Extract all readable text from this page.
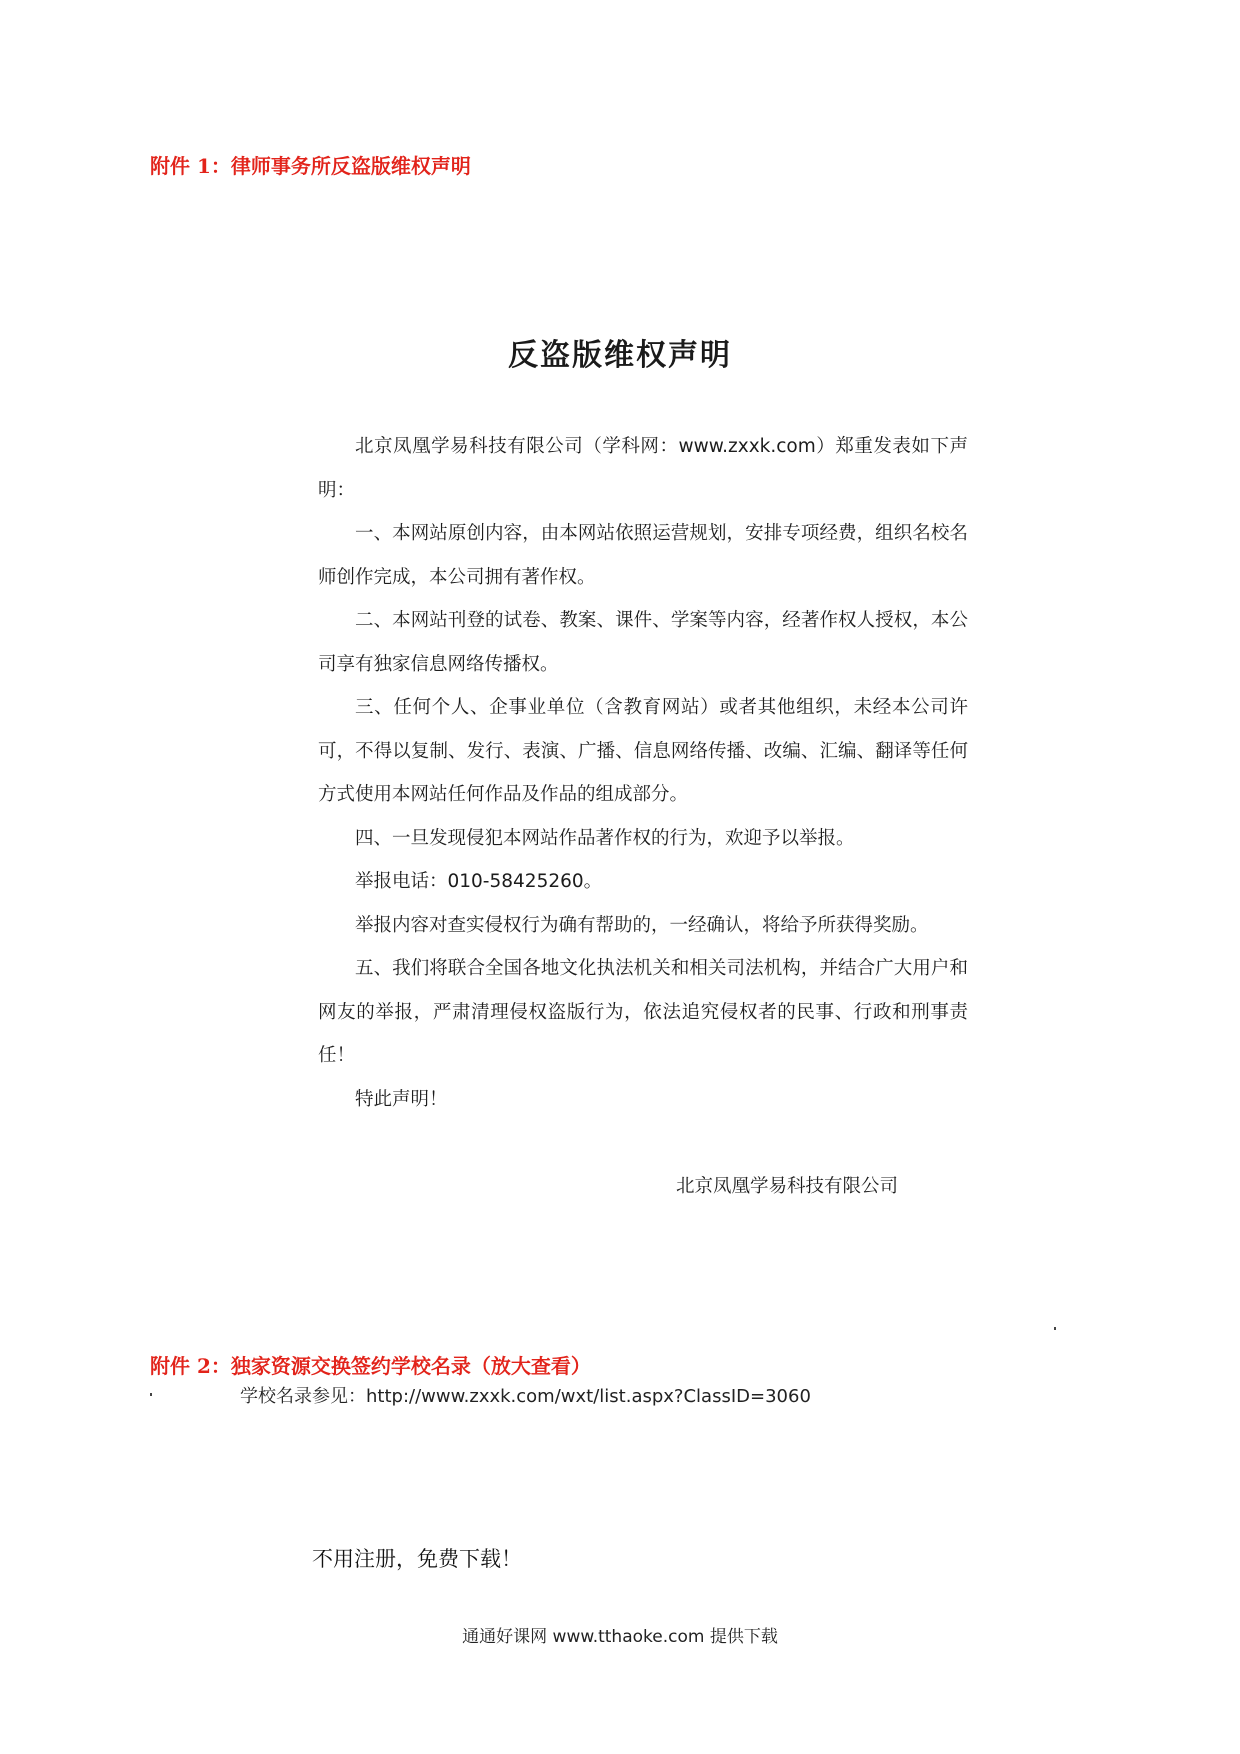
附件 1：律师事务所反盗版维权声明
反盗版维权声明

北京凤凰学易科技有限公司（学科网：www.zxxk.com）郑重发表如下声明：

一、本网站原创内容，由本网站依照运营规划，安排专项经费，组织名校名师创作完成，本公司拥有著作权。

二、本网站刊登的试卷、教案、课件、学案等内容，经著作权人授权，本公司享有独家信息网络传播权。

三、任何个人、企事业单位（含教育网站）或者其他组织，未经本公司许可，不得以复制、发行、表演、广播、信息网络传播、改编、汇编、翻译等任何方式使用本网站任何作品及作品的组成部分。

四、一旦发现侵犯本网站作品著作权的行为，欢迎予以举报。

举报电话：010-58425260。

举报内容对查实侵权行为确有帮助的，一经确认，将给予所获得奖励。

五、我们将联合全国各地文化执法机关和相关司法机构，并结合广大用户和网友的举报，严肃清理侵权盗版行为，依法追究侵权者的民事、行政和刑事责任！

特此声明！

北京凤凰学易科技有限公司
附件 2：独家资源交换签约学校名录（放大查看）
学校名录参见：http://www.zxxk.com/wxt/list.aspx?ClassID=3060
不用注册，免费下载！
通通好课网 www.tthaoke.com 提供下载
